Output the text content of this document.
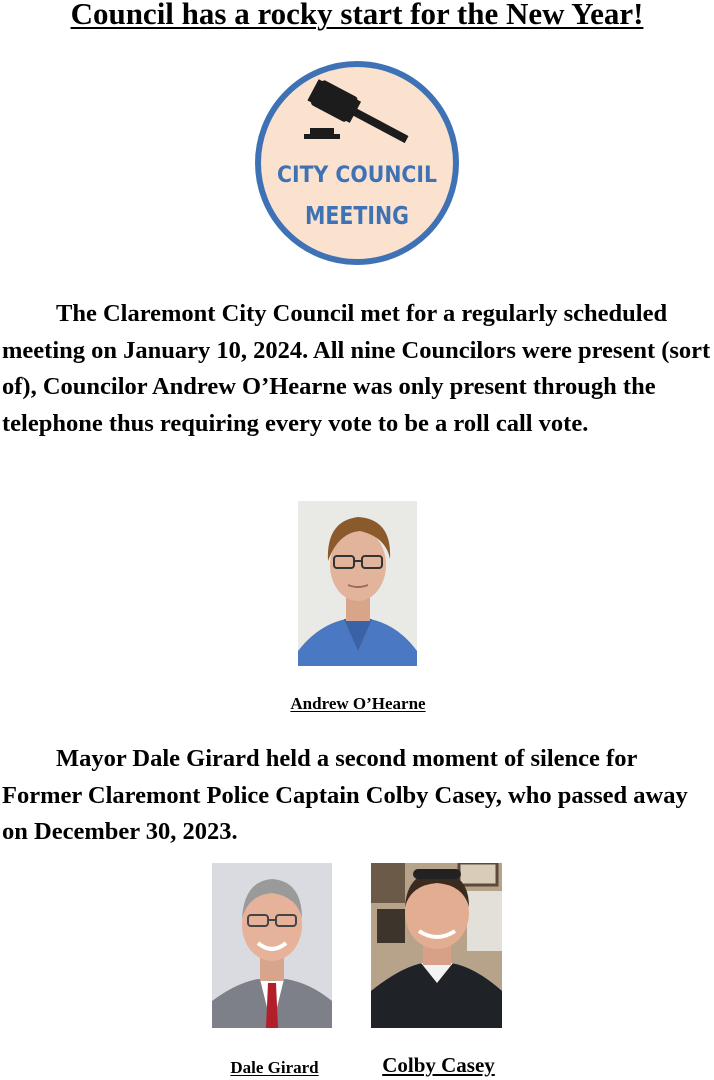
Council has a rocky start for the New Year!
CITY COUNCIL
MEETING

The Claremont City Council met for a regularly scheduled meeting on January 10, 2024. All nine Councilors were present (sort of), Councilor Andrew O’Hearne was only present through the telephone thus requiring every vote to be a roll call vote.

Andrew O’Hearne

Mayor Dale Girard held a second moment of silence for Former Claremont Police Captain Colby Casey, who passed away on December 30, 2023.

Dale Girard	Colby Casey
